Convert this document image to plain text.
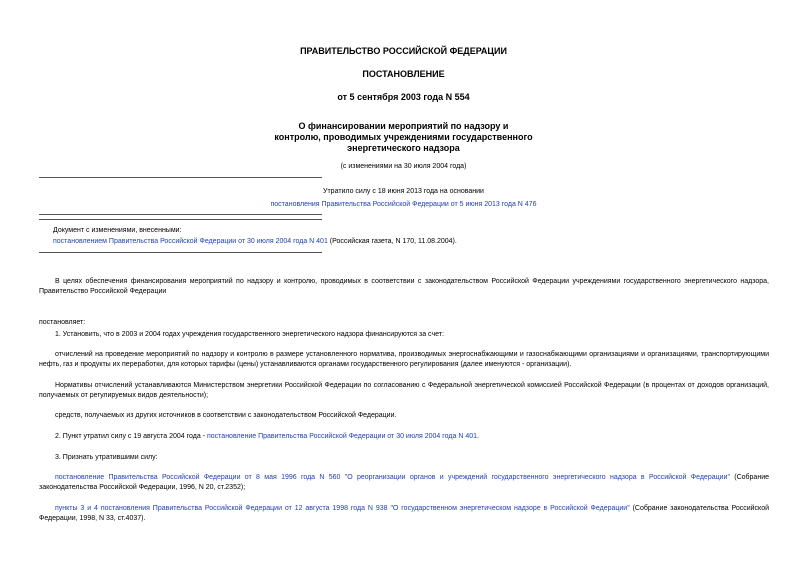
ПРАВИТЕЛЬСТВО РОССИЙСКОЙ ФЕДЕРАЦИИ
ПОСТАНОВЛЕНИЕ
от 5 сентября 2003 года N 554
О финансировании мероприятий по надзору и
контролю, проводимых учреждениями государственного
энергетического надзора
(с изменениями на 30 июля 2004 года)
Утратило силу с 18 июня 2013 года на основании
постановления Правительства Российской Федерации от 5 июня 2013 года N 476
Документ с изменениями, внесенными:
постановлением Правительства Российской Федерации от 30 июля 2004 года N 401 (Российская газета, N 170, 11.08.2004).
В целях обеспечения финансирования мероприятий по надзору и контролю, проводимых в соответствии с законодательством Российской Федерации учреждениями государственного энергетического надзора, Правительство Российской Федерации
постановляет:
1. Установить, что в 2003 и 2004 годах учреждения государственного энергетического надзора финансируются за счет:
отчислений на проведение мероприятий по надзору и контролю в размере установленного норматива, производимых энергоснабжающими и газоснабжающими организациями и организациями, транспортирующими нефть, газ и продукты их переработки, для которых тарифы (цены) устанавливаются органами государственного регулирования (далее именуются - организации).
Нормативы отчислений устанавливаются Министерством энергетики Российской Федерации по согласованию с Федеральной энергетической комиссией Российской Федерации (в процентах от доходов организаций, получаемых от регулируемых видов деятельности);
средств, получаемых из других источников в соответствии с законодательством Российской Федерации.
2. Пункт утратил силу с 19 августа 2004 года - постановление Правительства Российской Федерации от 30 июля 2004 года N 401.
3. Признать утратившими силу:
постановление Правительства Российской Федерации от 8 мая 1996 года N 560 "О реорганизации органов и учреждений государственного энергетического надзора в Российской Федерации" (Собрание законодательства Российской Федерации, 1996, N 20, ст.2352);
пункты 3 и 4 постановления Правительства Российской Федерации от 12 августа 1998 года N 938 "О государственном энергетическом надзоре в Российской Федерации" (Собрание законодательства Российской Федерации, 1998, N 33, ст.4037).
